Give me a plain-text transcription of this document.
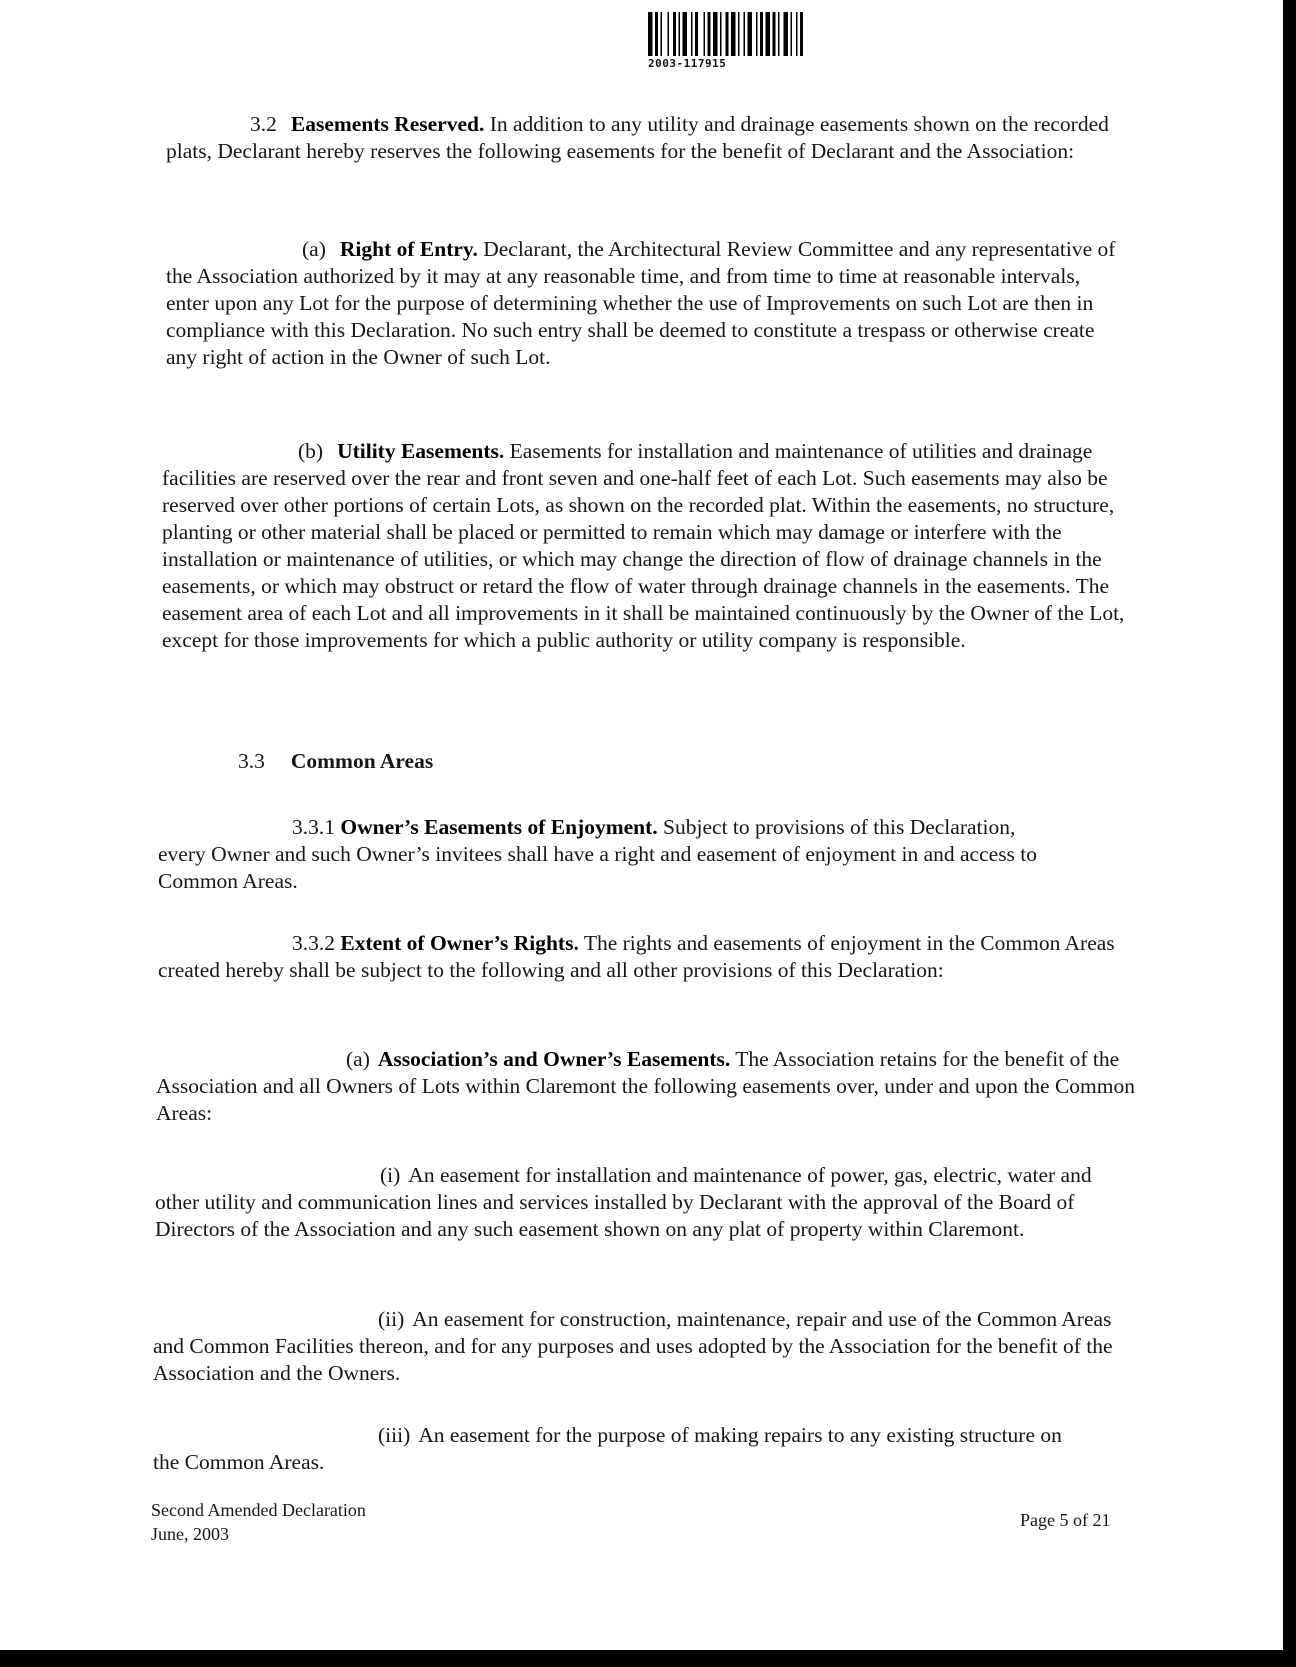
2003-117915

3.2 Easements Reserved. In addition to any utility and drainage easements shown on the recorded plats, Declarant hereby reserves the following easements for the benefit of Declarant and the Association:

(a) Right of Entry. Declarant, the Architectural Review Committee and any representative of the Association authorized by it may at any reasonable time, and from time to time at reasonable intervals, enter upon any Lot for the purpose of determining whether the use of Improvements on such Lot are then in compliance with this Declaration. No such entry shall be deemed to constitute a trespass or otherwise create any right of action in the Owner of such Lot.

(b) Utility Easements. Easements for installation and maintenance of utilities and drainage facilities are reserved over the rear and front seven and one-half feet of each Lot. Such easements may also be reserved over other portions of certain Lots, as shown on the recorded plat. Within the easements, no structure, planting or other material shall be placed or permitted to remain which may damage or interfere with the installation or maintenance of utilities, or which may change the direction of flow of drainage channels in the easements, or which may obstruct or retard the flow of water through drainage channels in the easements. The easement area of each Lot and all improvements in it shall be maintained continuously by the Owner of the Lot, except for those improvements for which a public authority or utility company is responsible.

3.3 Common Areas

3.3.1 Owner’s Easements of Enjoyment. Subject to provisions of this Declaration, every Owner and such Owner’s invitees shall have a right and easement of enjoyment in and access to Common Areas.

3.3.2 Extent of Owner’s Rights. The rights and easements of enjoyment in the Common Areas created hereby shall be subject to the following and all other provisions of this Declaration:

(a) Association’s and Owner’s Easements. The Association retains for the benefit of the Association and all Owners of Lots within Claremont the following easements over, under and upon the Common Areas:

(i) An easement for installation and maintenance of power, gas, electric, water and other utility and communication lines and services installed by Declarant with the approval of the Board of Directors of the Association and any such easement shown on any plat of property within Claremont.

(ii) An easement for construction, maintenance, repair and use of the Common Areas and Common Facilities thereon, and for any purposes and uses adopted by the Association for the benefit of the Association and the Owners.

(iii) An easement for the purpose of making repairs to any existing structure on the Common Areas.

Second Amended Declaration
June, 2003
Page 5 of 21
